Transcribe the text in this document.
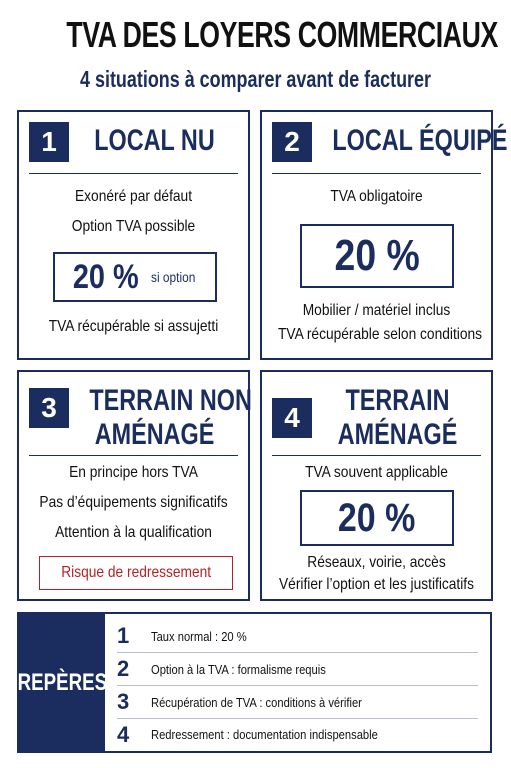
TVA DES LOYERS COMMERCIAUX
4 situations à comparer avant de facturer
1	LOCAL NU
Exonéré par défaut
Option TVA possible
20 % si option
TVA récupérable si assujetti
2	LOCAL ÉQUIPÉ
TVA obligatoire
20 %
Mobilier / matériel inclus
TVA récupérable selon conditions
3	TERRAIN NON
AMÉNAGÉ
En principe hors TVA
Pas d’équipements significatifs
Attention à la qualification
Risque de redressement
4
TERRAIN
AMÉNAGÉ
TVA souvent applicable
20 %
Réseaux, voirie, accès
Vérifier l’option et les justificatifs
REPÈRES
1	Taux normal : 20 %
2	Option à la TVA : formalisme requis
3	Récupération de TVA : conditions à vérifier
4	Redressement : documentation indispensable
